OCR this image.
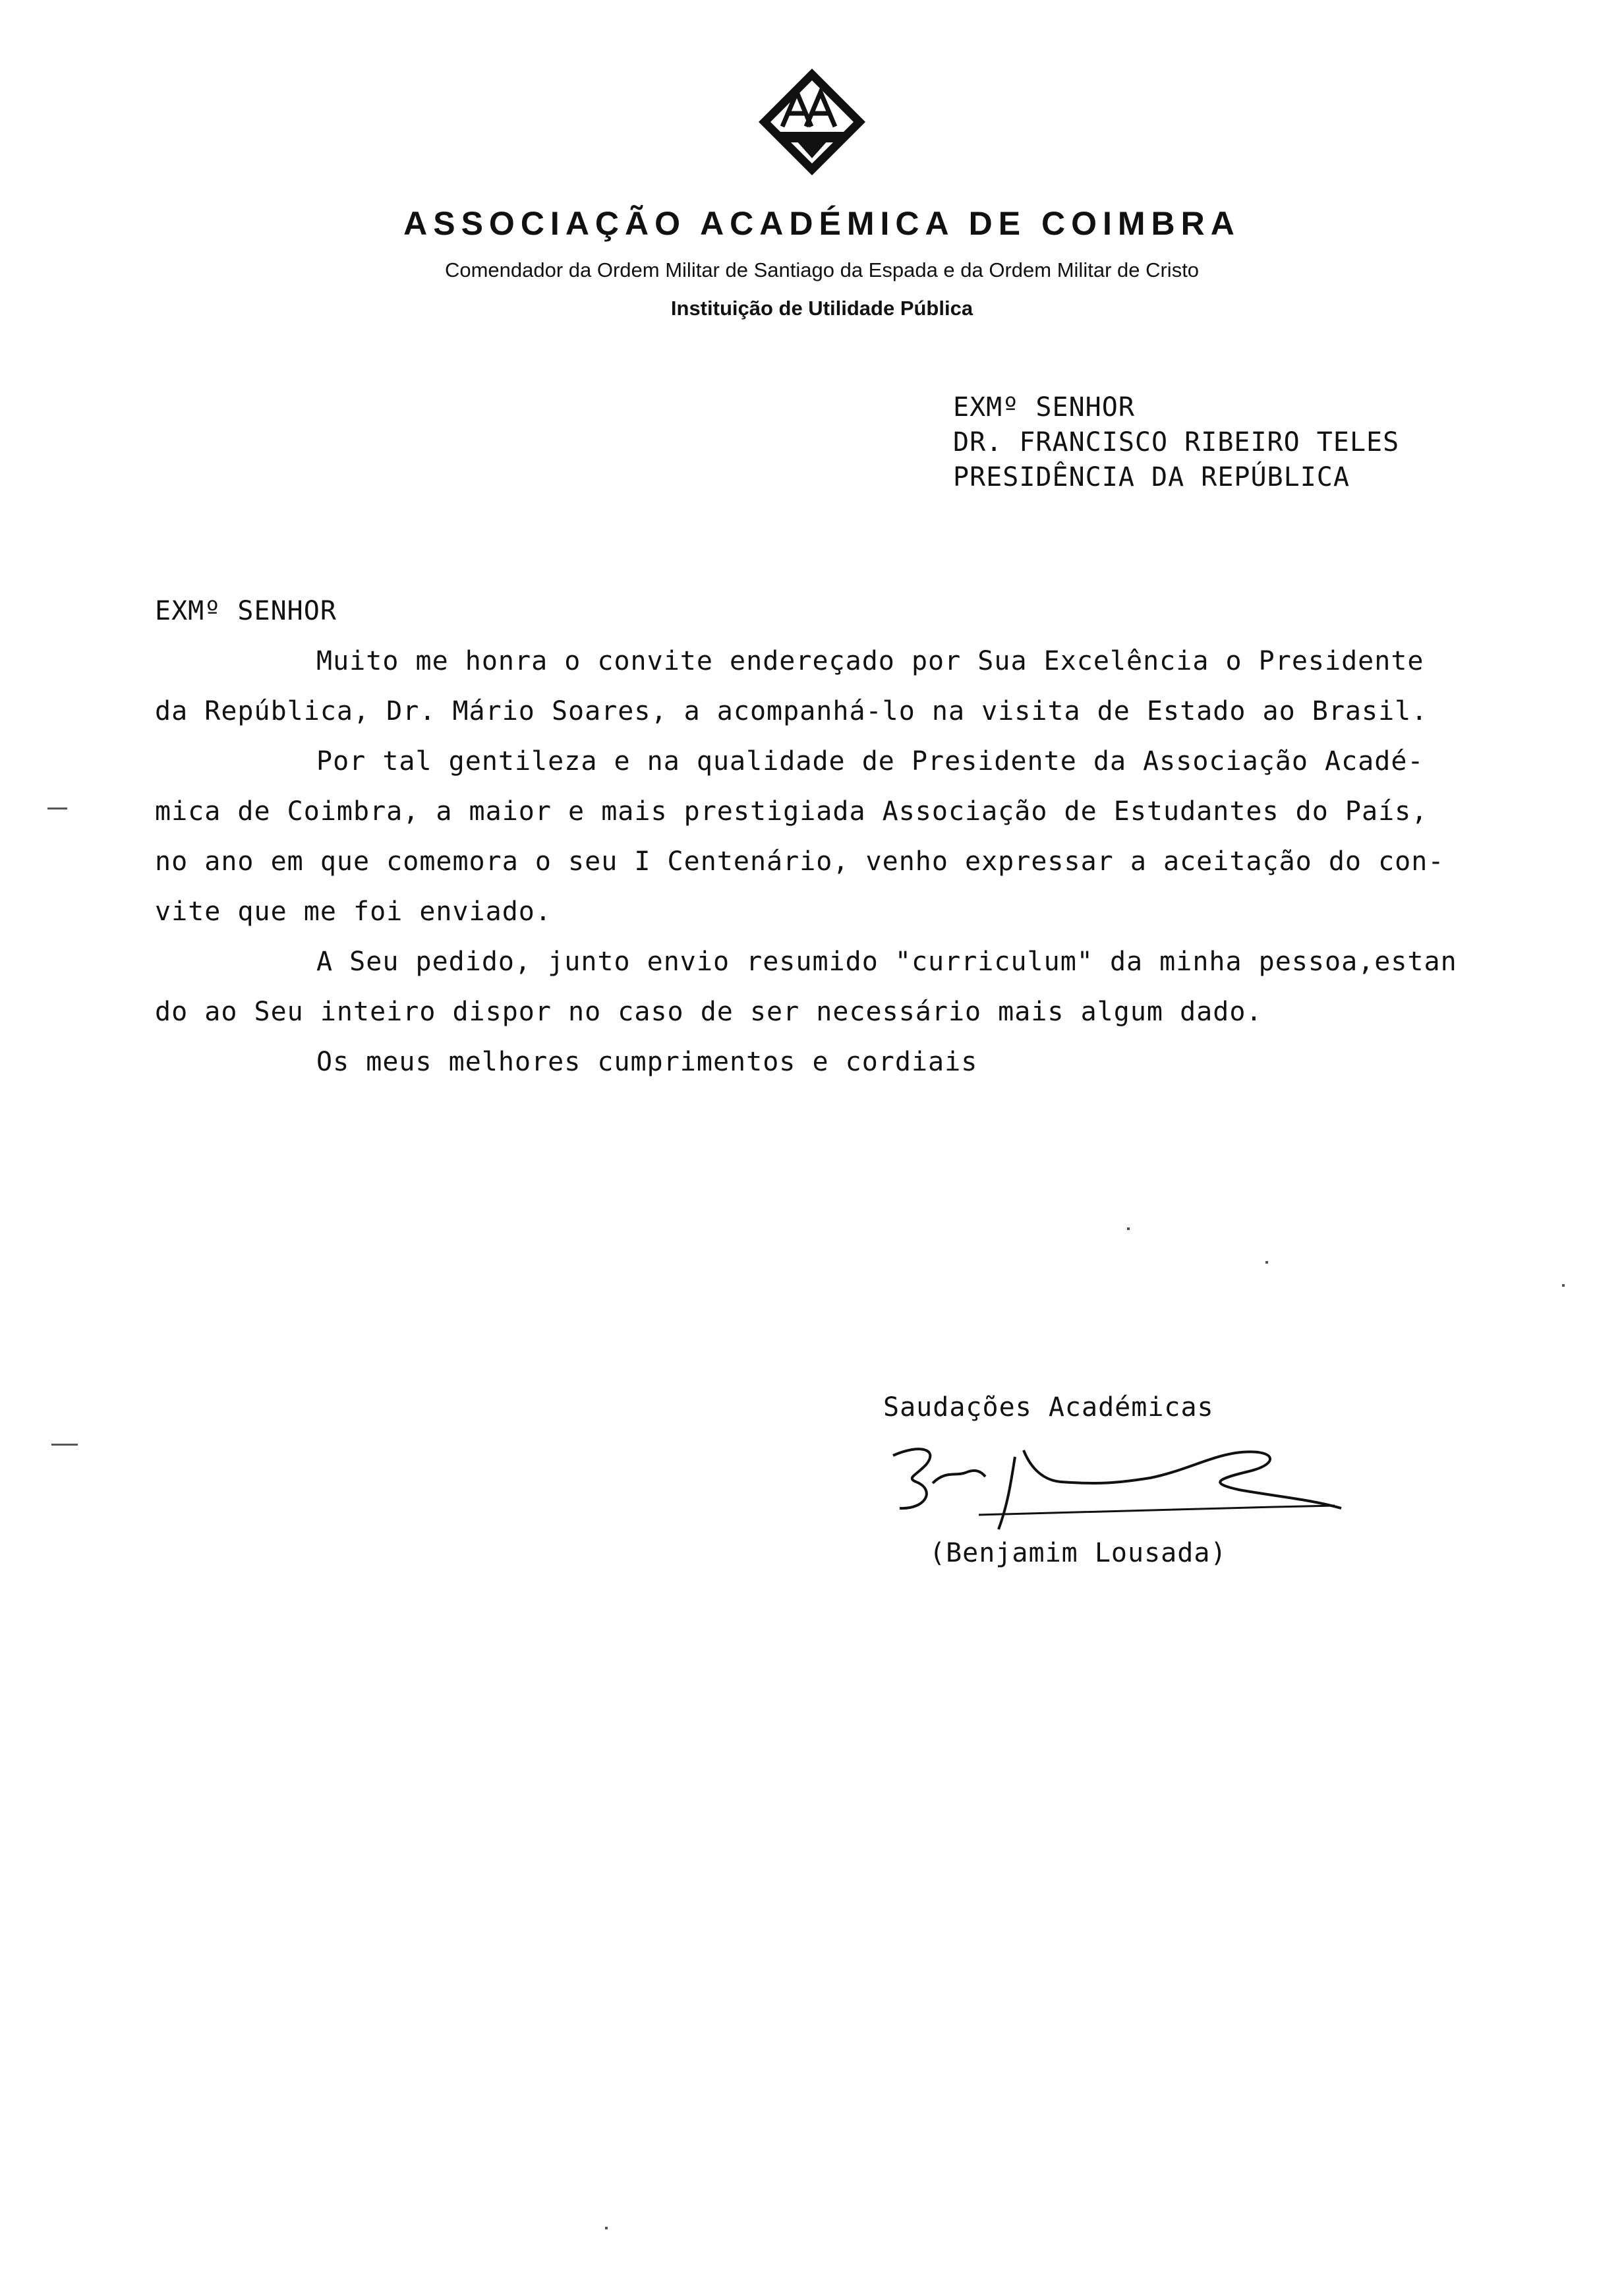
ASSOCIAÇÃO ACADÉMICA DE COIMBRA
Comendador da Ordem Militar de Santiago da Espada e da Ordem Militar de Cristo
Instituição de Utilidade Pública
EXMº SENHOR
DR. FRANCISCO RIBEIRO TELES
PRESIDÊNCIA DA REPÚBLICA
EXMº SENHOR
Muito me honra o convite endereçado por Sua Excelência o Presidente
da República, Dr. Mário Soares, a acompanhá-lo na visita de Estado ao Brasil.
Por tal gentileza e na qualidade de Presidente da Associação Acadé-
mica de Coimbra, a maior e mais prestigiada Associação de Estudantes do País,
no ano em que comemora o seu I Centenário, venho expressar a aceitação do con-
vite que me foi enviado.
A Seu pedido, junto envio resumido "curriculum" da minha pessoa,estan
do ao Seu inteiro dispor no caso de ser necessário mais algum dado.
Os meus melhores cumprimentos e cordiais
Saudações Académicas
(Benjamim Lousada)
